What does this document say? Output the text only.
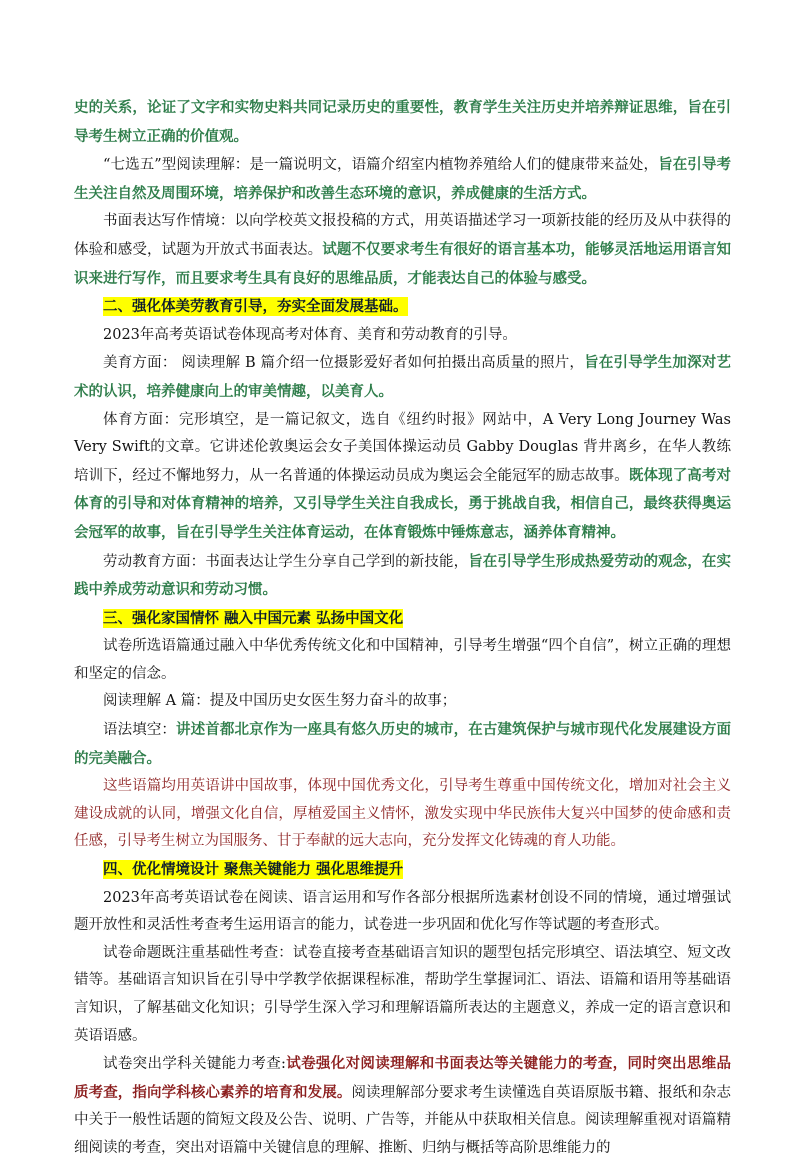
史的关系，论证了文字和实物史料共同记录历史的重要性，教育学生关注历史并培养辩证思维，旨在引导考生树立正确的价值观。

“七选五”型阅读理解：是一篇说明文，语篇介绍室内植物养殖给人们的健康带来益处，旨在引导考生关注自然及周围环境，培养保护和改善生态环境的意识，养成健康的生活方式。

书面表达写作情境：以向学校英文报投稿的方式，用英语描述学习一项新技能的经历及从中获得的体验和感受，试题为开放式书面表达。试题不仅要求考生有很好的语言基本功，能够灵活地运用语言知识来进行写作，而且要求考生具有良好的思维品质，才能表达自己的体验与感受。

二、强化体美劳教育引导，夯实全面发展基础。

2023年高考英语试卷体现高考对体育、美育和劳动教育的引导。

美育方面： 阅读理解 B 篇介绍一位摄影爱好者如何拍摄出高质量的照片，旨在引导学生加深对艺术的认识，培养健康向上的审美情趣，以美育人。

体育方面：完形填空，是一篇记叙文，选自《纽约时报》网站中，A Very Long Journey Was Very Swift的文章。它讲述伦敦奥运会女子美国体操运动员 Gabby Douglas 背井离乡，在华人教练培训下，经过不懈地努力，从一名普通的体操运动员成为奥运会全能冠军的励志故事。既体现了高考对体育的引导和对体育精神的培养，又引导学生关注自我成长，勇于挑战自我，相信自己，最终获得奥运会冠军的故事，旨在引导学生关注体育运动，在体育锻炼中锤炼意志，涵养体育精神。

劳动教育方面：书面表达让学生分享自己学到的新技能，旨在引导学生形成热爱劳动的观念，在实践中养成劳动意识和劳动习惯。

三、强化家国情怀 融入中国元素 弘扬中国文化

试卷所选语篇通过融入中华优秀传统文化和中国精神，引导考生增强“四个自信”，树立正确的理想和坚定的信念。

阅读理解 A 篇：提及中国历史女医生努力奋斗的故事；

语法填空：讲述首都北京作为一座具有悠久历史的城市，在古建筑保护与城市现代化发展建设方面的完美融合。

这些语篇均用英语讲中国故事，体现中国优秀文化，引导考生尊重中国传统文化，增加对社会主义建设成就的认同，增强文化自信，厚植爱国主义情怀，激发实现中华民族伟大复兴中国梦的使命感和责任感，引导考生树立为国服务、甘于奉献的远大志向，充分发挥文化铸魂的育人功能。

四、优化情境设计 聚焦关键能力 强化思维提升

2023年高考英语试卷在阅读、语言运用和写作各部分根据所选素材创设不同的情境，通过增强试题开放性和灵活性考查考生运用语言的能力，试卷进一步巩固和优化写作等试题的考查形式。

试卷命题既注重基础性考查：试卷直接考查基础语言知识的题型包括完形填空、语法填空、短文改错等。基础语言知识旨在引导中学教学依据课程标准，帮助学生掌握词汇、语法、语篇和语用等基础语言知识，了解基础文化知识；引导学生深入学习和理解语篇所表达的主题意义，养成一定的语言意识和英语语感。

试卷突出学科关键能力考查:试卷强化对阅读理解和书面表达等关键能力的考查，同时突出思维品质考查，指向学科核心素养的培育和发展。阅读理解部分要求考生读懂选自英语原版书籍、报纸和杂志中关于一般性话题的简短文段及公告、说明、广告等，并能从中获取相关信息。阅读理解重视对语篇精细阅读的考查，突出对语篇中关键信息的理解、推断、归纳与概括等高阶思维能力的
